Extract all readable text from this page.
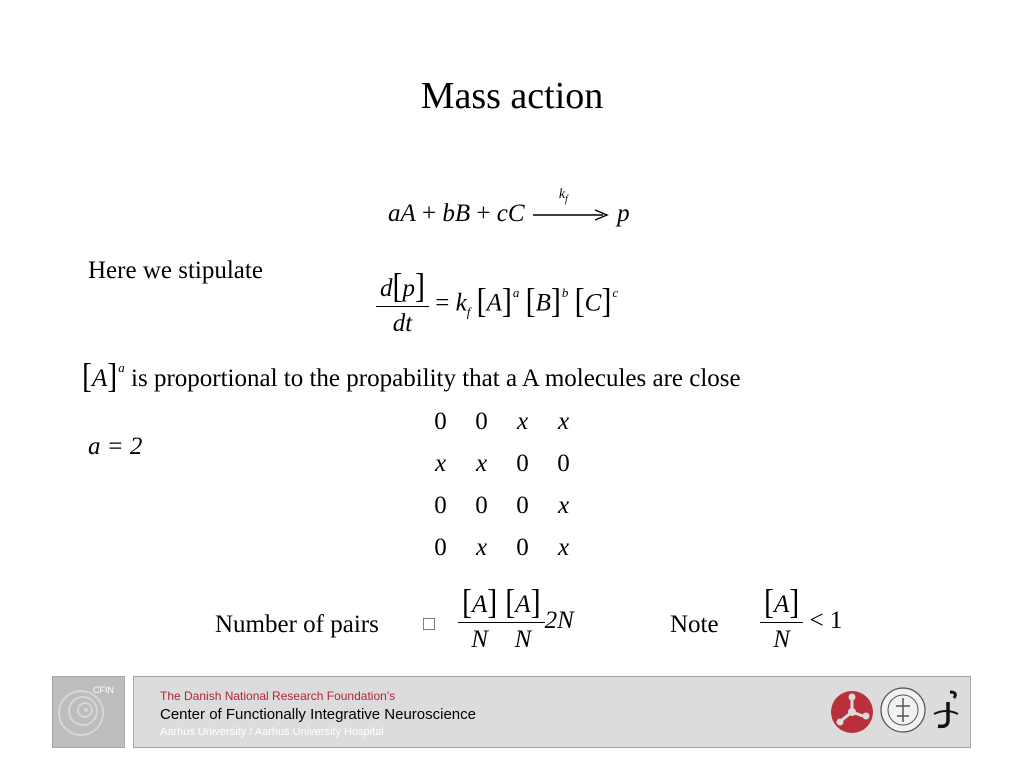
Mass action
aA + bB + cC
$k_f$
p
Here we stipulate
$\frac{d[p]}{dt} = k_f$ $[A]^a$ $[B]^b$ $[C]^c$
$[A]^a$ is proportional to the propability that a A molecules are close
a = 2
0	0	x	x
x	x	0	0
0	0	0	x
0	x	0	x
Number of pairs □ $\frac{[A]}{N} \frac{[A]}{N} 2N$	Note $\frac{[A]}{N} < 1$
CFIN	The Danish National Research Foundation’s
Center of Functionally Integrative Neuroscience
Aarhus University / Aarhus University Hospital
